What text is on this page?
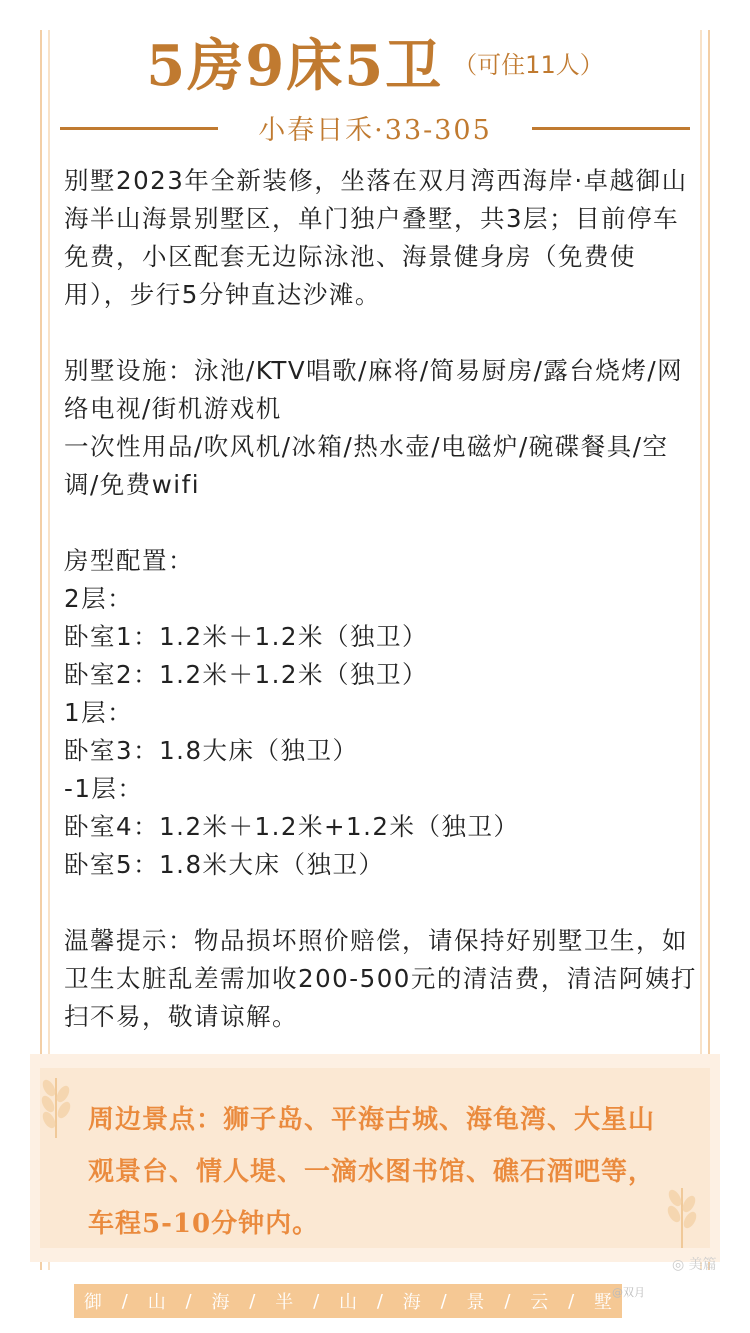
5房9床5卫 （可住11人）
小春日禾·33-305

别墅2023年全新装修，坐落在双月湾西海岸·卓越御山海半山海景别墅区，单门独户叠墅，共3层；目前停车免费，小区配套无边际泳池、海景健身房（免费使用），步行5分钟直达沙滩。

别墅设施：泳池/KTV唱歌/麻将/简易厨房/露台烧烤/网络电视/街机游戏机

一次性用品/吹风机/冰箱/热水壶/电磁炉/碗碟餐具/空调/免费wifi

房型配置：

2层：

卧室1：1.2米＋1.2米（独卫）

卧室2：1.2米＋1.2米（独卫）

1层：

卧室3：1.8大床（独卫）

-1层：

卧室4：1.2米＋1.2米+1.2米（独卫）

卧室5：1.8米大床（独卫）

温馨提示：物品损坏照价赔偿，请保持好别墅卫生，如卫生太脏乱差需加收200-500元的清洁费，清洁阿姨打扫不易，敬请谅解。

周边景点：狮子岛、平海古城、海龟湾、大星山观景台、情人堤、一滴水图书馆、礁石酒吧等，车程5-10分钟内。
御 / 山 / 海 / 半 / 山 / 海 / 景 / 云 / 墅
◎ 美篇
@双月
